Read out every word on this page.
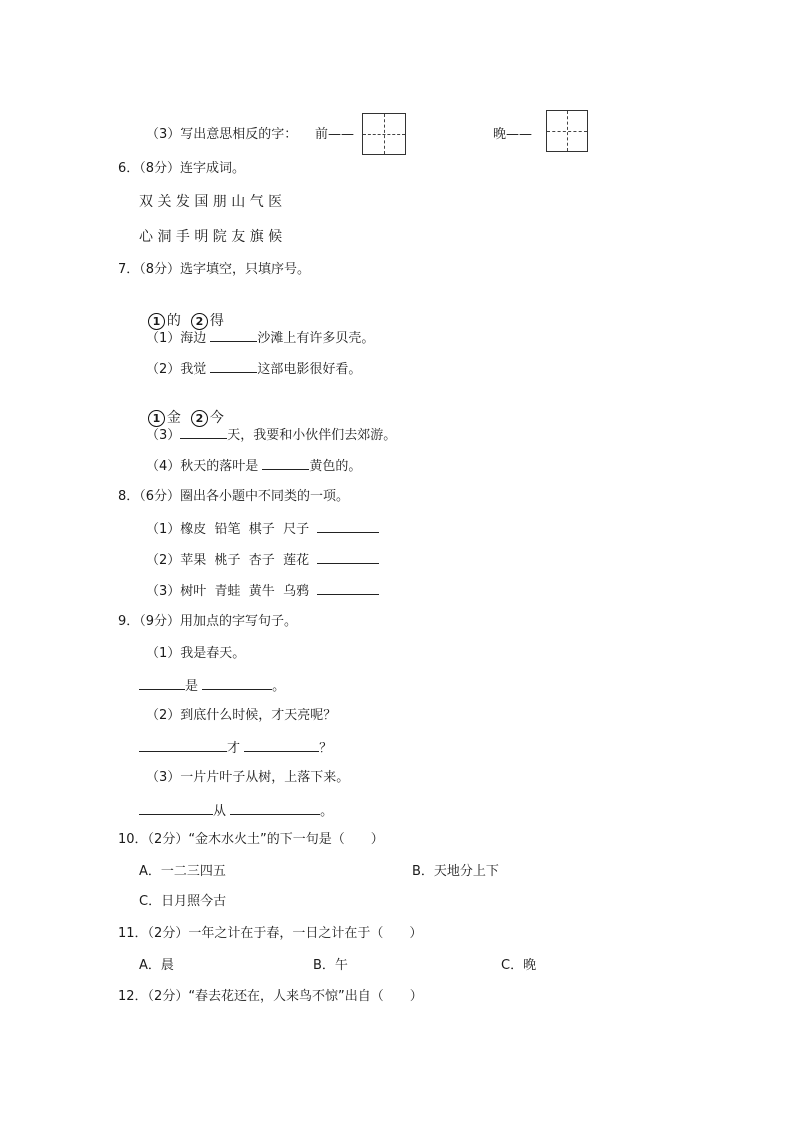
（3）写出意思相反的字： 前——	晚——
6．（8分）连字成词。
双 关 发 国 朋 山 气 医
心 洞 手 明 院 友 旗 候
7．（8分）选字填空，只填序号。

1 的 2 得

（1）海边	沙滩上有许多贝壳。
（2）我觉	这部电影很好看。

1 金 2 今

（3）	天，我要和小伙伴们去郊游。
（4）秋天的落叶是	黄色的。
8．（6分）圈出各小题中不同类的一项。
（1）橡皮  铅笔  棋子  尺子
（2）苹果  桃子  杏子  莲花
（3）树叶  青蛙  黄牛  乌鸦
9．（9分）用加点的字写句子。
（1）我是春天。
是	。
（2）到底什么时候，才天亮呢？
才	？
（3）一片片叶子从树，上落下来。
从	。
10．（2分）“金木水火土”的下一句是（　　）
A．一二三四五	B．天地分上下
C．日月照今古
11．（2分）一年之计在于春，一日之计在于（　　）
A．晨	B．午	C．晚
12．（2分）“春去花还在，人来鸟不惊”出自（　　）
